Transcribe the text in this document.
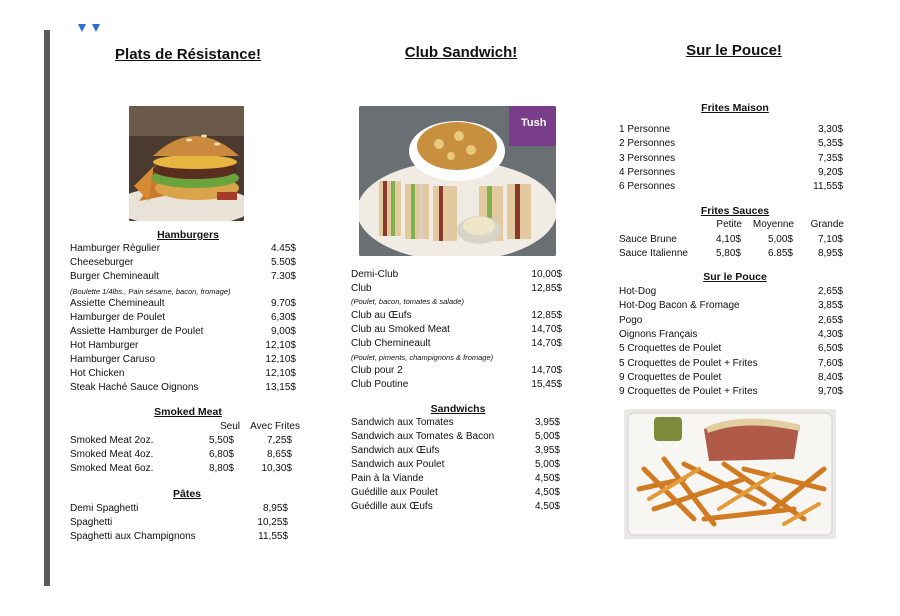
Plats de Résistance!
Hamburgers
Hamburger Règulier	4.45$
Cheeseburger	5.50$
Burger Chemineault	7.30$
Assiette Chemineault	9.70$
Hamburger de Poulet	6,30$
Assiette Hamburger de Poulet	9,00$
Hot Hamburger	12,10$
Hamburger Caruso	12,10$
Hot Chicken	12,10$
Steak Haché Sauce Oignons	13,15$
(Boulette 1/4lbs., Pain sésame, bacon, fromage)
Smoked Meat
Seul	Avec Frites
Smoked Meat 2oz.	5,50$	7,25$
Smoked Meat 4oz.	6,80$	8,65$
Smoked Meat 6oz.	8,80$	10,30$
Pâtes
Demi Spaghetti	8,95$
Spaghetti	10,25$
Spaghetti aux Champignons	11,55$
Club Sandwich!
Tush
Demi-Club	10,00$
Club	12,85$
Club au Œufs	12,85$
Club au Smoked Meat	14,70$
Club Chemineault	14,70$
Club pour 2	14,70$
Club Poutine	15,45$
(Poulet, bacon, tomates & salade)
(Poulet, piments, champignons & fromage)
Sandwichs
Sandwich aux Tomates	3,95$
Sandwich aux Tomates & Bacon	5,00$
Sandwich aux Œufs	3,95$
Sandwich aux Poulet	5,00$
Pain à la Viande	4,50$
Guédille aux Poulet	4,50$
Guédille aux Œufs	4,50$
Sur le Pouce!
Frites Maison
1 Personne	3,30$
2 Personnes	5,35$
3 Personnes	7,35$
4 Personnes	9,20$
6 Personnes	11,55$
Frites Sauces
Petite	Moyenne	Grande
Sauce Brune	4,10$	5,00$ 7,10$
Sauce Italienne	5,80$	6.85$ 8,95$
Sur le Pouce
Hot-Dog	2,65$
Hot-Dog Bacon & Fromage	3,85$
Pogo	2,65$
Oignons Français	4,30$
5 Croquettes de Poulet	6,50$
5 Croquettes de Poulet + Frites	7,60$
9 Croquettes de Poulet	8,40$
9 Croquettes de Poulet + Frites	9,70$
